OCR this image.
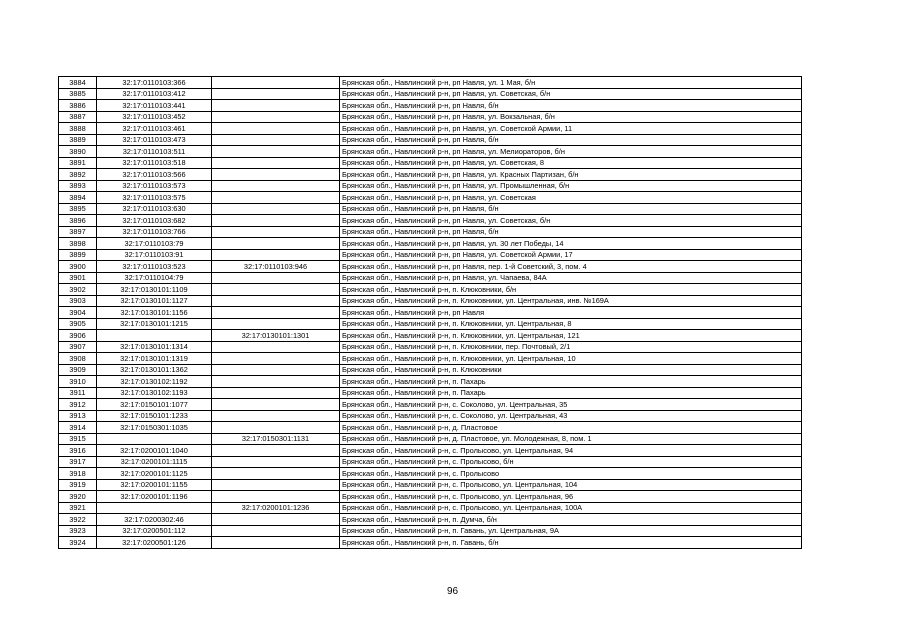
3884	32:17:0110103:366		Брянская обл., Навлинский р-н, рп Навля, ул. 1 Мая, б/н
3885	32:17:0110103:412		Брянская обл., Навлинский р-н, рп Навля, ул. Советская, б/н
3886	32:17:0110103:441		Брянская обл., Навлинский р-н, рп Навля, б/н
3887	32:17:0110103:452		Брянская обл., Навлинский р-н, рп Навля, ул. Вокзальная, б/н
3888	32:17:0110103:461		Брянская обл., Навлинский р-н, рп Навля, ул. Советской Армии, 11
3889	32:17:0110103:473		Брянская обл., Навлинский р-н, рп Навля, б/н
3890	32:17:0110103:511		Брянская обл., Навлинский р-н, рп Навля, ул. Мелиораторов, б/н
3891	32:17:0110103:518		Брянская обл., Навлинский р-н, рп Навля, ул. Советская, 8
3892	32:17:0110103:566		Брянская обл., Навлинский р-н, рп Навля, ул. Красных Партизан, б/н
3893	32:17:0110103:573		Брянская обл., Навлинский р-н, рп Навля, ул. Промышленная, б/н
3894	32:17:0110103:575		Брянская обл., Навлинский р-н, рп Навля, ул. Советская
3895	32:17:0110103:630		Брянская обл., Навлинский р-н, рп Навля, б/н
3896	32:17:0110103:682		Брянская обл., Навлинский р-н, рп Навля, ул. Советская, б/н
3897	32:17:0110103:766		Брянская обл., Навлинский р-н, рп Навля, б/н
3898	32:17:0110103:79		Брянская обл., Навлинский р-н, рп Навля, ул. 30 лет Победы, 14
3899	32:17:0110103:91		Брянская обл., Навлинский р-н, рп Навля, ул. Советской Армии, 17
3900	32:17:0110103:523	32:17:0110103:946	Брянская обл., Навлинский р-н, рп Навля, пер. 1-й Советский, 3, пом. 4
3901	32:17:0110104:79		Брянская обл., Навлинский р-н, рп Навля, ул. Чапаева, 84А
3902	32:17:0130101:1109		Брянская обл., Навлинский р-н, п. Клюковники, б/н
3903	32:17:0130101:1127		Брянская обл., Навлинский р-н, п. Клюковники, ул. Центральная, инв. №169А
3904	32:17:0130101:1156		Брянская обл., Навлинский р-н, рп Навля
3905	32:17:0130101:1215		Брянская обл., Навлинский р-н, п. Клюковники, ул. Центральная, 8
3906		32:17:0130101:1301	Брянская обл., Навлинский р-н, п. Клюковники, ул. Центральная, 121
3907	32:17:0130101:1314		Брянская обл., Навлинский р-н, п. Клюковники, пер. Почтовый, 2/1
3908	32:17:0130101:1319		Брянская обл., Навлинский р-н, п. Клюковники, ул. Центральная, 10
3909	32:17:0130101:1362		Брянская обл., Навлинский р-н, п. Клюковники
3910	32:17:0130102:1192		Брянская обл., Навлинский р-н, п. Пахарь
3911	32:17:0130102:1193		Брянская обл., Навлинский р-н, п. Пахарь
3912	32:17:0150101:1077		Брянская обл., Навлинский р-н, с. Соколово, ул. Центральная, 35
3913	32:17:0150101:1233		Брянская обл., Навлинский р-н, с. Соколово, ул. Центральная, 43
3914	32:17:0150301:1035		Брянская обл., Навлинский р-н, д. Пластовое
3915		32:17:0150301:1131	Брянская обл., Навлинский р-н, д. Пластовое, ул. Молодежная, 8, пом. 1
3916	32:17:0200101:1040		Брянская обл., Навлинский р-н, с. Пролысово, ул. Центральная, 94
3917	32:17:0200101:1115		Брянская обл., Навлинский р-н, с. Пролысово, б/н
3918	32:17:0200101:1125		Брянская обл., Навлинский р-н, с. Пролысово
3919	32:17:0200101:1155		Брянская обл., Навлинский р-н, с. Пролысово, ул. Центральная, 104
3920	32:17:0200101:1196		Брянская обл., Навлинский р-н, с. Пролысово, ул. Центральная, 96
3921		32:17:0200101:1236	Брянская обл., Навлинский р-н, с. Пролысово, ул. Центральная, 100А
3922	32:17:0200302:46		Брянская обл., Навлинский р-н, п. Думча, б/н
3923	32:17:0200501:112		Брянская обл., Навлинский р-н, п. Гавань, ул. Центральная, 9А
3924	32:17:0200501:126		Брянская обл., Навлинский р-н, п. Гавань, б/н
96
